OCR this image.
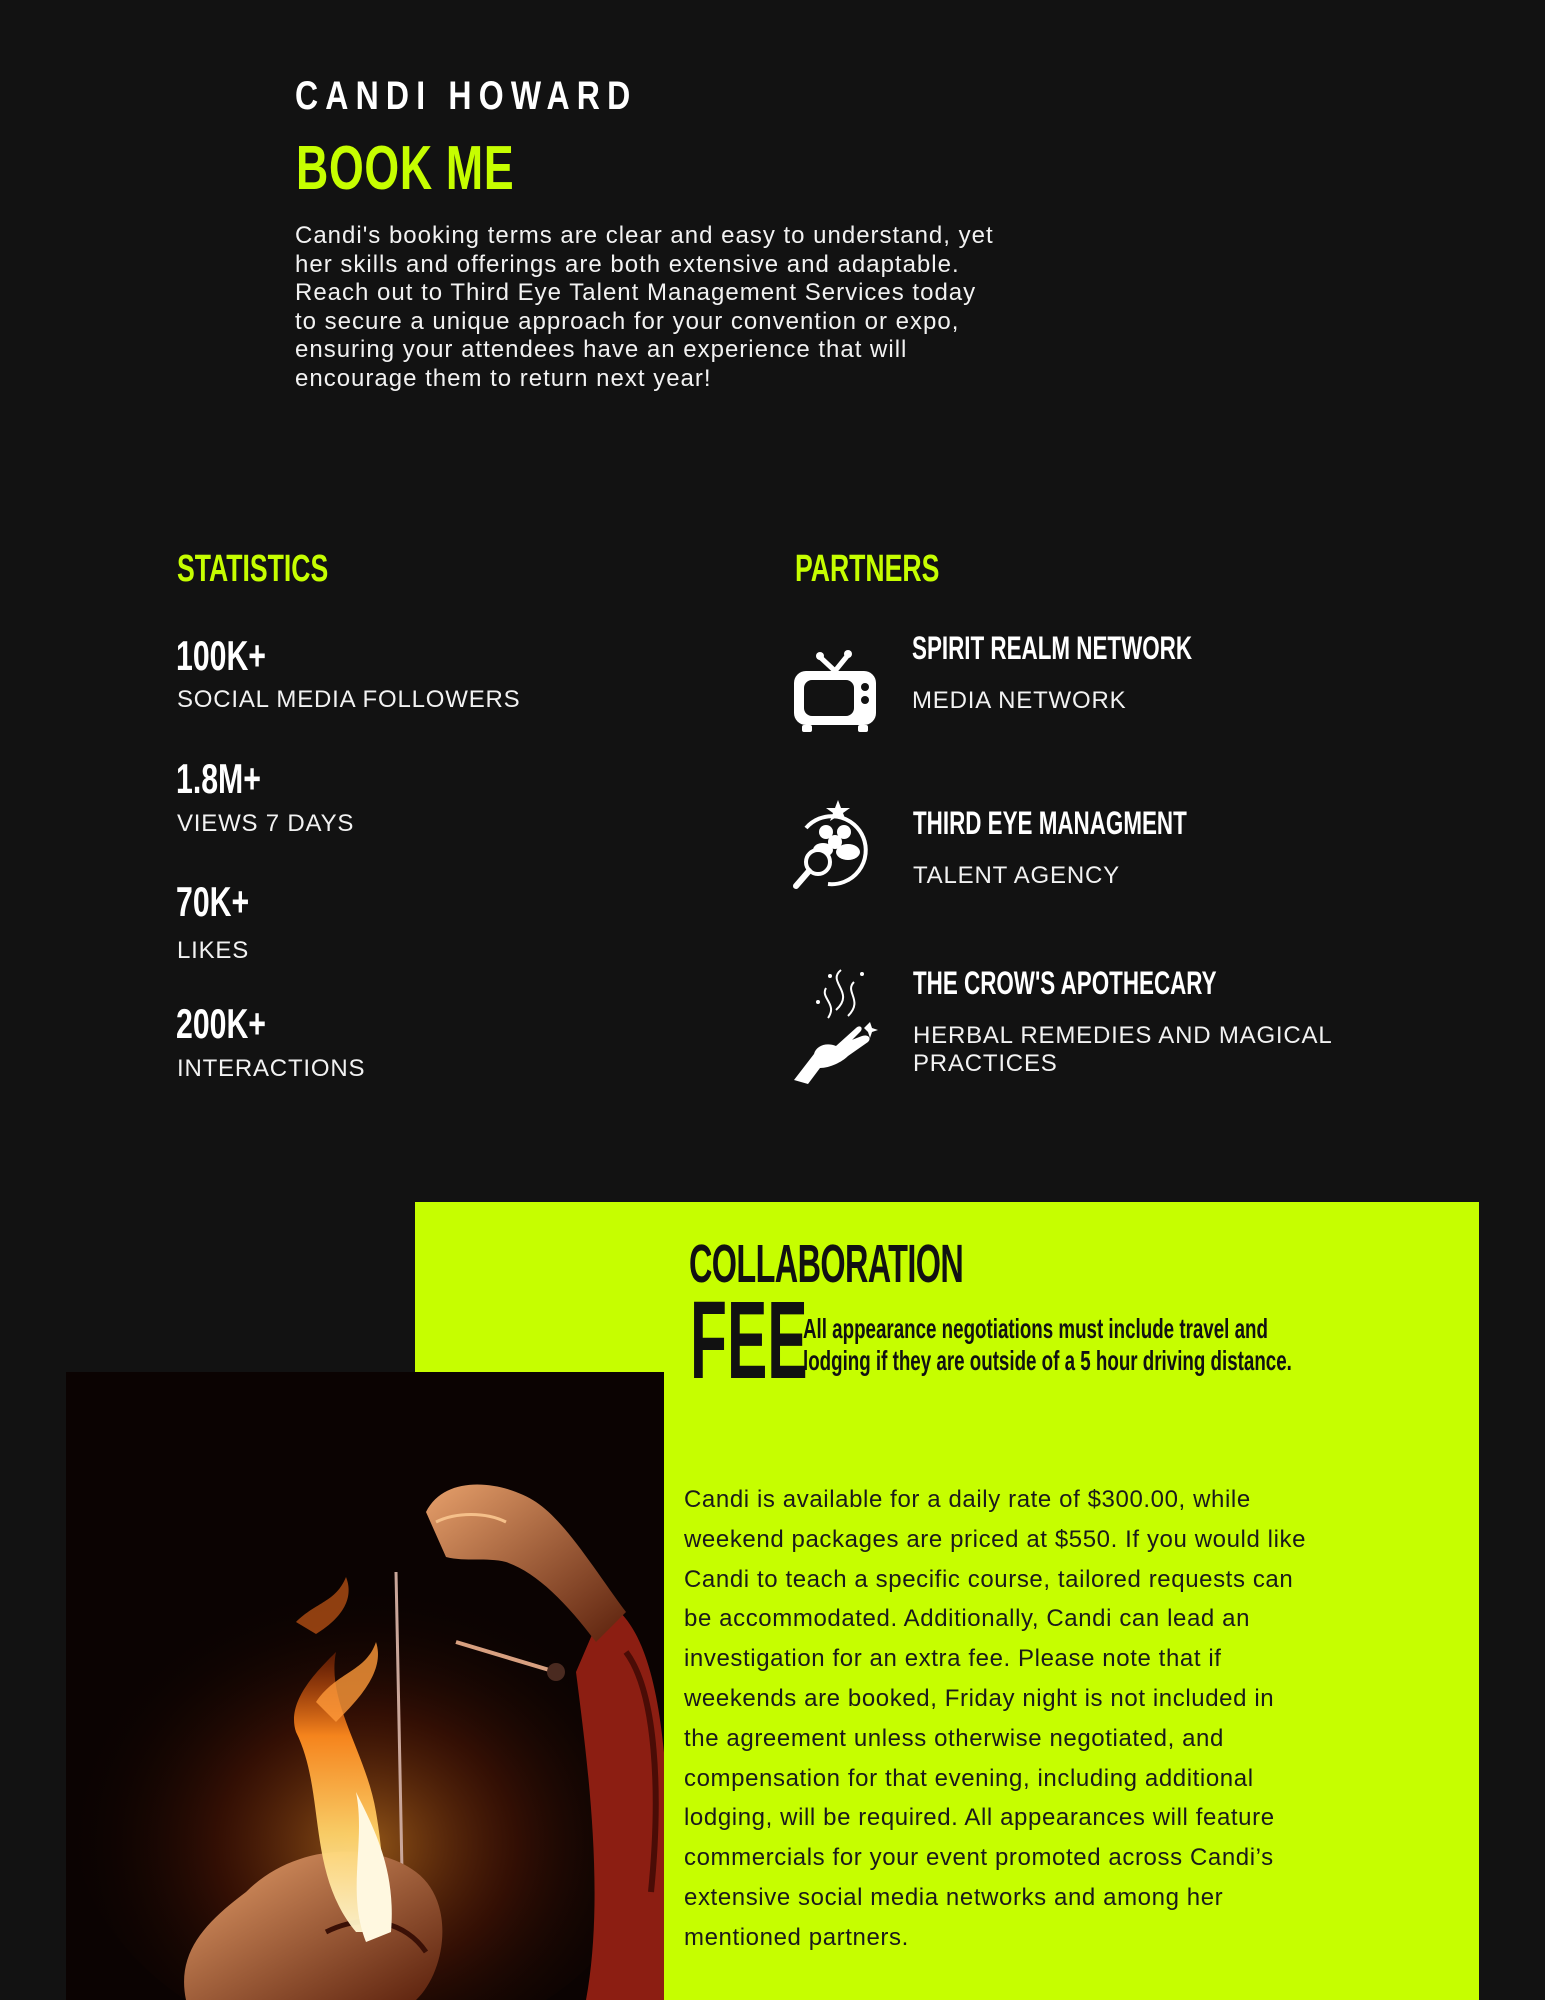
CANDI HOWARD
BOOK ME
Candi's booking terms are clear and easy to understand, yet
her skills and offerings are both extensive and adaptable.
Reach out to Third Eye Talent Management Services today
to secure a unique approach for your convention or expo,
ensuring your attendees have an experience that will
encourage them to return next year!
STATISTICS
100K+
SOCIAL MEDIA FOLLOWERS
1.8M+
VIEWS 7 DAYS
70K+
LIKES
200K+
INTERACTIONS
PARTNERS
SPIRIT REALM NETWORK
MEDIA NETWORK
THIRD EYE MANAGMENT
TALENT AGENCY
THE CROW'S APOTHECARY
HERBAL REMEDIES AND MAGICAL
PRACTICES
COLLABORATION
FEE
All appearance negotiations must include travel and
lodging if they are outside of a 5 hour driving distance.
Candi is available for a daily rate of $300.00, while
weekend packages are priced at $550. If you would like
Candi to teach a specific course, tailored requests can
be accommodated. Additionally, Candi can lead an
investigation for an extra fee. Please note that if
weekends are booked, Friday night is not included in
the agreement unless otherwise negotiated, and
compensation for that evening, including additional
lodging, will be required. All appearances will feature
commercials for your event promoted across Candi’s
extensive social media networks and among her
mentioned partners.
